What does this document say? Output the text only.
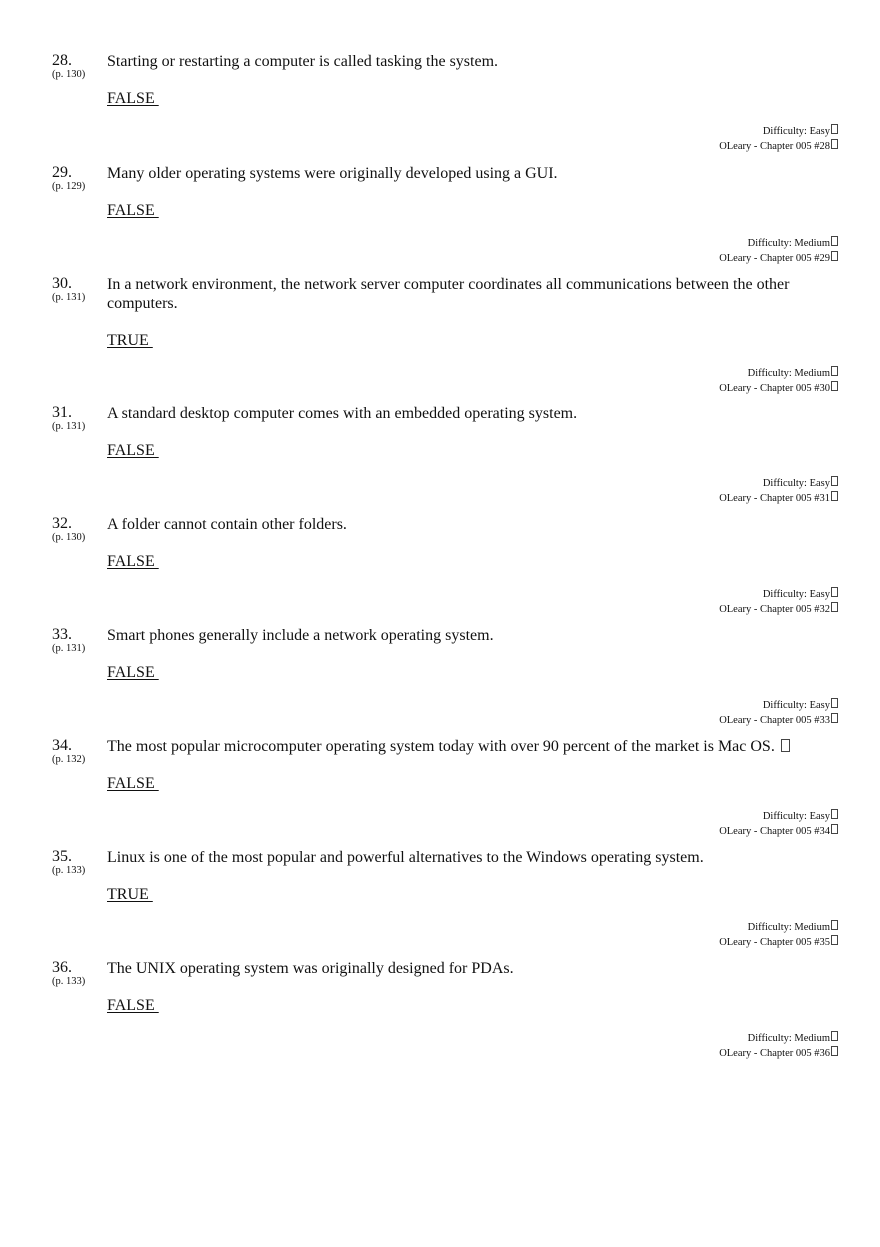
28.
(p. 130)
Starting or restarting a computer is called tasking the system.
FALSE
Difficulty: Easy
OLeary - Chapter 005 #28
29.
(p. 129)
Many older operating systems were originally developed using a GUI.
FALSE
Difficulty: Medium
OLeary - Chapter 005 #29
30.
(p. 131)
In a network environment, the network server computer coordinates all communications between the other computers.
TRUE
Difficulty: Medium
OLeary - Chapter 005 #30
31.
(p. 131)
A standard desktop computer comes with an embedded operating system.
FALSE
Difficulty: Easy
OLeary - Chapter 005 #31
32.
(p. 130)
A folder cannot contain other folders.
FALSE
Difficulty: Easy
OLeary - Chapter 005 #32
33.
(p. 131)
Smart phones generally include a network operating system.
FALSE
Difficulty: Easy
OLeary - Chapter 005 #33
34.
(p. 132)
The most popular microcomputer operating system today with over 90 percent of the market is Mac OS.
FALSE
Difficulty: Easy
OLeary - Chapter 005 #34
35.
(p. 133)
Linux is one of the most popular and powerful alternatives to the Windows operating system.
TRUE
Difficulty: Medium
OLeary - Chapter 005 #35
36.
(p. 133)
The UNIX operating system was originally designed for PDAs.
FALSE
Difficulty: Medium
OLeary - Chapter 005 #36
